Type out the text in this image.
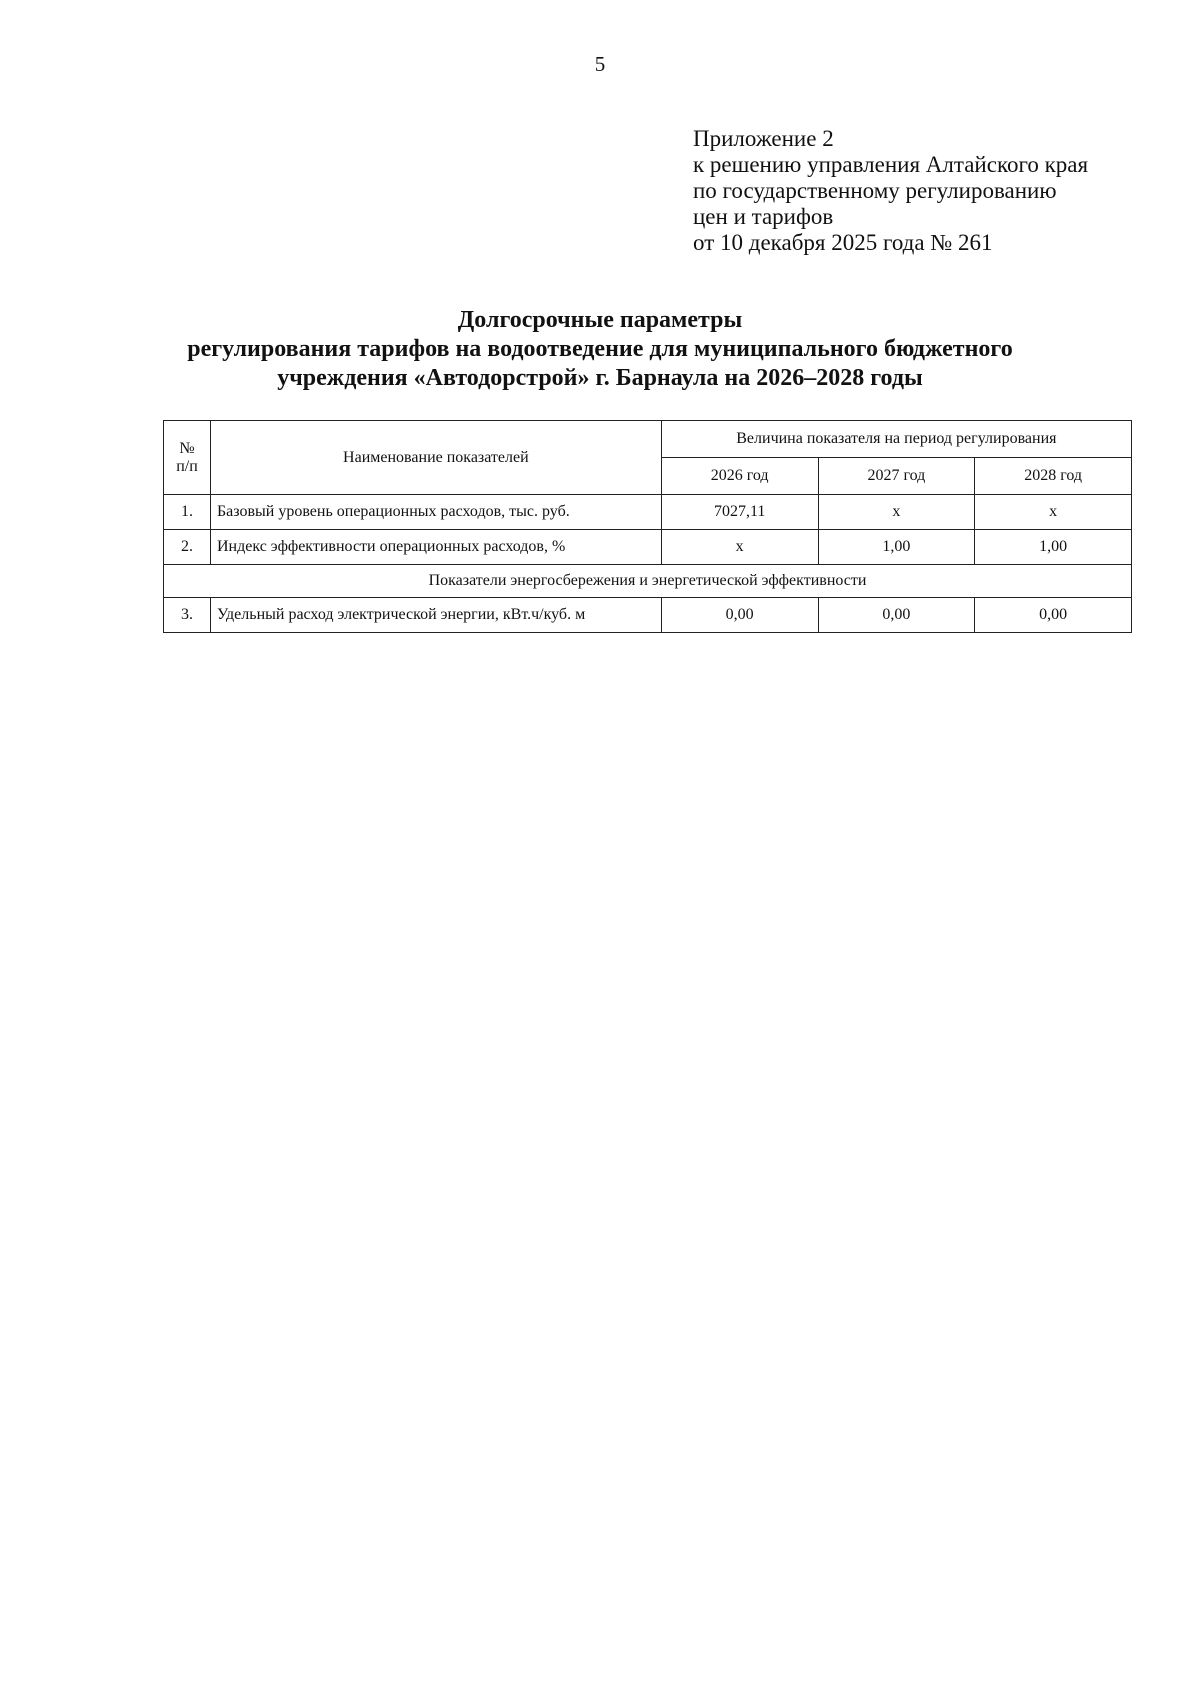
5
Приложение 2
к решению управления Алтайского края
по государственному регулированию
цен и тарифов
от 10 декабря 2025 года № 261
Долгосрочные параметры
регулирования тарифов на водоотведение для муниципального бюджетного
учреждения «Автодорстрой» г. Барнаула на 2026–2028 годы
№
п/п	Наименование показателей	Величина показателя на период регулирования		
		2026 год	2027 год	2028 год
1.	Базовый уровень операционных расходов, тыс. руб.	7027,11	x	x
2.	Индекс эффективности операционных расходов, %	x	1,00	1,00
Показатели энергосбережения и энергетической эффективности				
3.	Удельный расход электрической энергии, кВт.ч/куб. м	0,00	0,00	0,00
